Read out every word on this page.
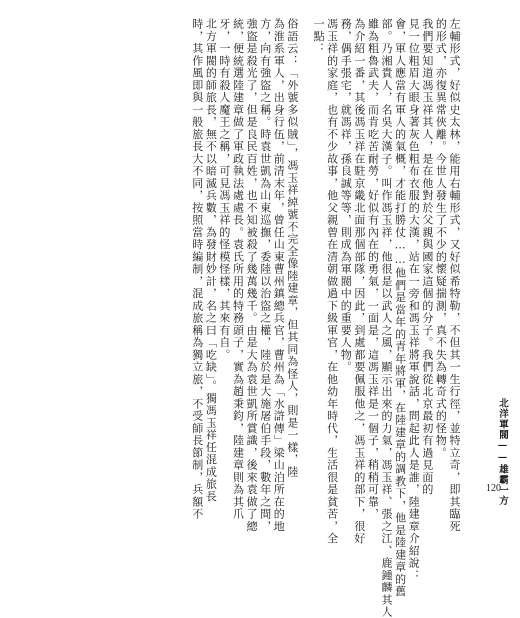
左輔形式，好似史太林，能用右輔形式，又好似希特勒，不但其一生行徑，並特立奇，即其臨死
的形式，亦復異常俠離。今世人發生了不少的懷疑揣測，真不失為轉奇式的怪物。
我們要知道馮玉祥其人，是在他對於父親與國家這個的分子。我們從北京最初有過見面的
見一位粗眉大眼身著灰色粗布衣服的大漢，站在一旁和馮玉祥將軍說話，問起此人是誰，陸建章介紹說：
會，軍人應當有軍人的氣概，才能打勝仗……他們是當年的青年將軍，在陸建章的調教下，他是陸建章的舊
部。乃湘貴人，名吳大漢子。叫作馮玉祥，他很是以武人之風，顯示出來的力氣，馮玉祥、張之江、鹿鍾麟其人
雖為粗魯武夫，而肯吃苦耐勞，好似有內在的勇氣，一面是，這馮玉祥是一個子，稍稍可靠，
為介紹一番，其後馮玉祥在駐京畿北面那個部隊，因此，到處都要佩服他之，馮玉祥的部下，很好
務，偶手張宅，就馮祥，孫良誠等等，則成為軍閥中的重要人物。
馮玉祥的家庭，也有不少故事，他父親曾在清朝做過下級軍官，在他幼年時代，生活很是貧苦，全
一點：
俗語云：「外號多似賊」，馮玉祥綽號不完全像陸建章，但其同為怪人，則是一樣，陸
為淮系軍人，出身行伍，前清末年，曾任山東曹州鎮總兵官，曹州為「水滸傳」梁山泊所在的地
方，向有強盜之稱。時袁世凱為山東巡撫，委陸以治盜之權，陸於是大施屠伯手段，數年之間，
強盜是殺光了，但是良民百姓，也不知被殺了幾萬幾千。由是大為袁世凱所賞識，後來袁做了總
統，便統選陸建章做了軍政執法處處長。袁氏所用的特務頭子，實為趙秉鈞，陸建章則為其爪
牙，一時有殺人魔王之稱，可見馮玉祥的怪模怪樣，其來有自。
北方軍閥的師旅長，無不以暗滅兵數，為發財妙計，名之曰「吃缺」。獨馮玉祥任混成旅長
時，其作風即與一般旅長大不同，按照當時編制，混成旅稱為獨立旅，不受師長節制，兵額不	北洋軍閥——雄霸一方
120
